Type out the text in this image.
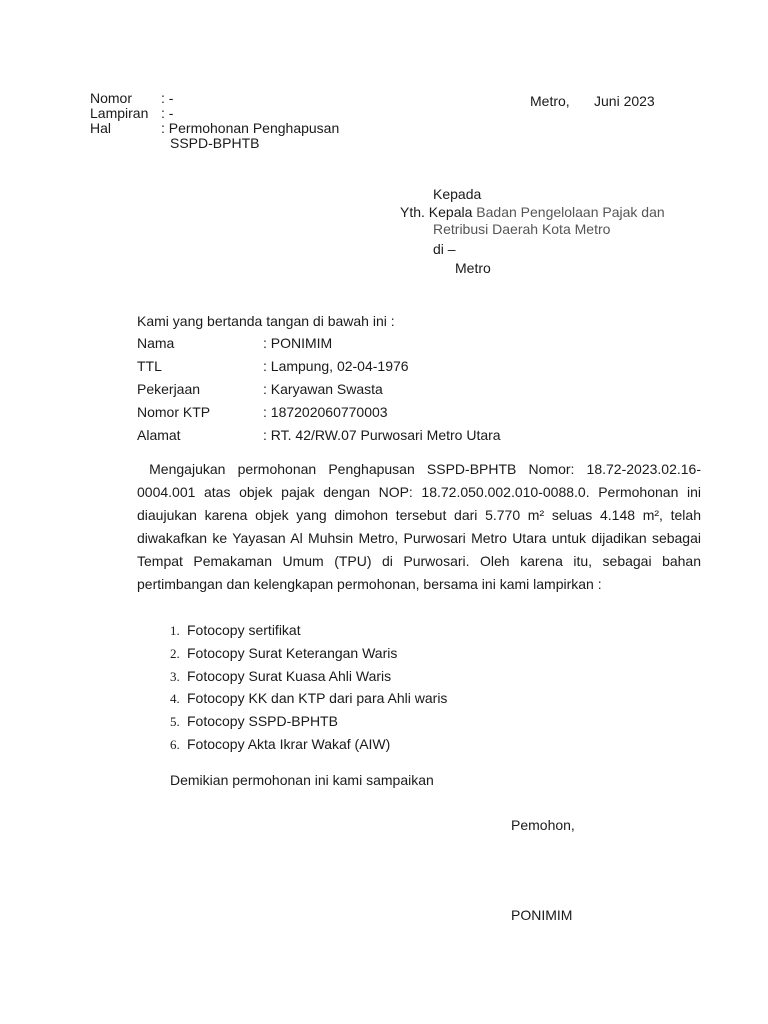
Nomor : -
Lampiran : -
Hal	: Permohonan Penghapusan
SSPD-BPHTB
Metro, Juni 2023
Kepada
Yth. Kepala Badan Pengelolaan Pajak dan
Retribusi Daerah Kota Metro
di –
Metro
Kami yang bertanda tangan di bawah ini :
Nama	: PONIMIM
TTL	: Lampung, 02-04-1976
Pekerjaan	: Karyawan Swasta
Nomor KTP	: 187202060770003
Alamat	: RT. 42/RW.07 Purwosari Metro Utara
Mengajukan permohonan Penghapusan SSPD-BPHTB Nomor: 18.72-2023.02.16-0004.001 atas objek pajak dengan NOP: 18.72.050.002.010-0088.0. Permohonan ini diaujukan karena objek yang dimohon tersebut dari 5.770 m² seluas 4.148 m², telah diwakafkan ke Yayasan Al Muhsin Metro, Purwosari Metro Utara untuk dijadikan sebagai Tempat Pemakaman Umum (TPU) di Purwosari. Oleh karena itu, sebagai bahan pertimbangan dan kelengkapan permohonan, bersama ini kami lampirkan :
1. Fotocopy sertifikat
2. Fotocopy Surat Keterangan Waris
3. Fotocopy Surat Kuasa Ahli Waris
4. Fotocopy KK dan KTP dari para Ahli waris
5. Fotocopy SSPD-BPHTB
6. Fotocopy Akta Ikrar Wakaf (AIW)
Demikian permohonan ini kami sampaikan
Pemohon,
PONIMIM
